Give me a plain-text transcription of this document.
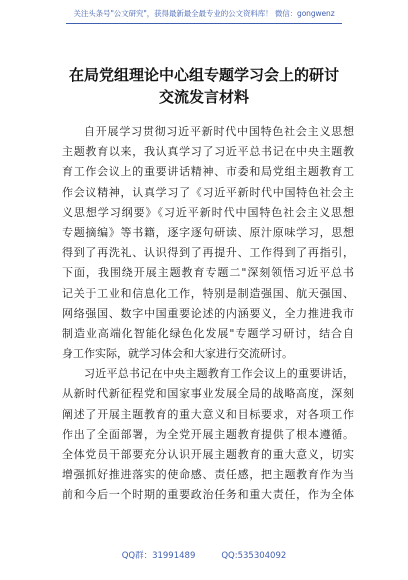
关注头条号"公文研究"，获得最新最全最专业的公文资料库！ 微信：gongwenz
在局党组理论中心组专题学习会上的研讨
交流发言材料
自开展学习贯彻习近平新时代中国特色社会主义思想
主题教育以来，我认真学习了习近平总书记在中央主题教
育工作会议上的重要讲话精神、市委和局党组主题教育工
作会议精神，认真学习了《习近平新时代中国特色社会主
义思想学习纲要》《习近平新时代中国特色社会主义思想
专题摘编》等书籍，逐字逐句研读、原汁原味学习，思想
得到了再洗礼、认识得到了再提升、工作得到了再指引，
下面，我围绕开展主题教育专题二"深刻领悟习近平总书
记关于工业和信息化工作，特别是制造强国、航天强国、
网络强国、数字中国重要论述的内涵要义，全力推进我市
制造业高端化智能化绿色化发展"专题学习研讨，结合自
身工作实际，就学习体会和大家进行交流研讨。
习近平总书记在中央主题教育工作会议上的重要讲话，
从新时代新征程党和国家事业发展全局的战略高度，深刻
阐述了开展主题教育的重大意义和目标要求，对各项工作
作出了全面部署，为全党开展主题教育提供了根本遵循。
全体党员干部要充分认识开展主题教育的重大意义，切实
增强抓好推进落实的使命感、责任感，把主题教育作为当
前和今后一个时期的重要政治任务和重大责任，作为全体
QQ群：31991489	QQ:535304092
